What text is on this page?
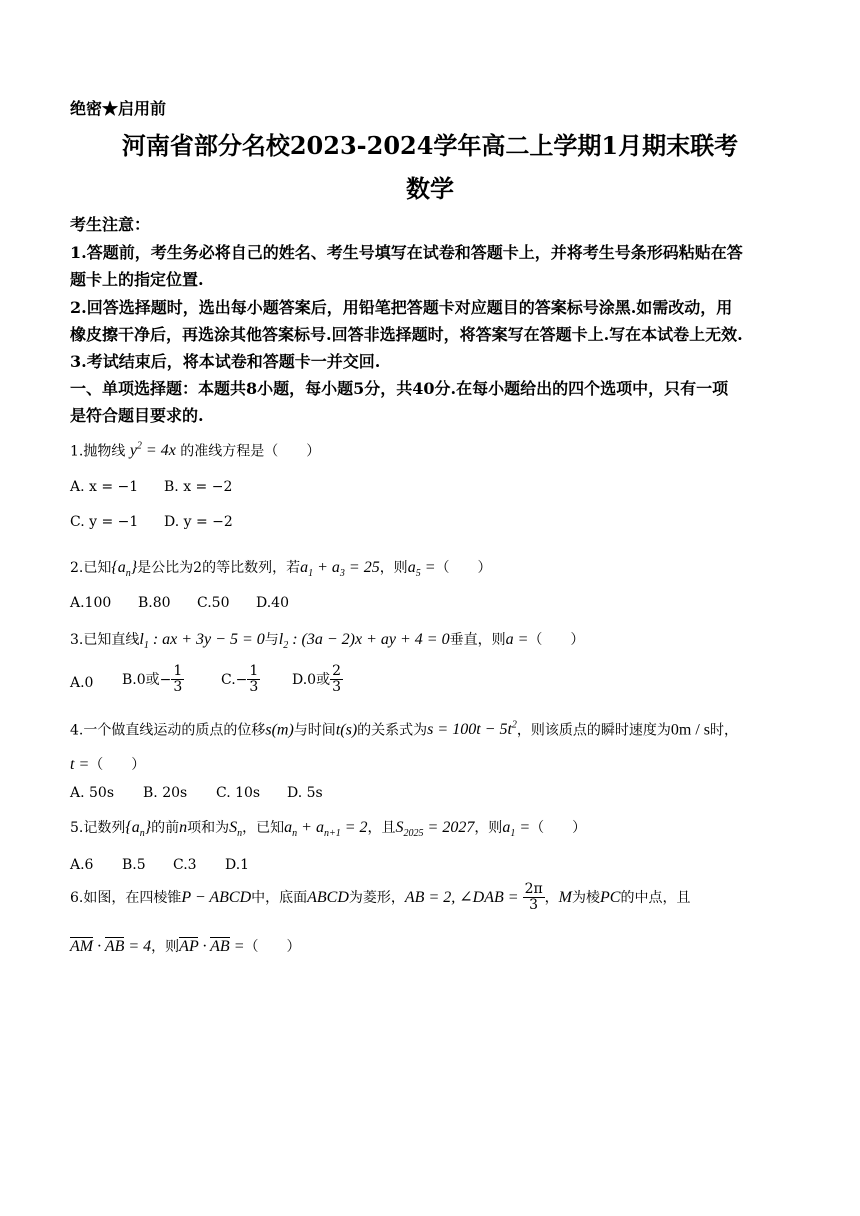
绝密★启用前
河南省部分名校2023-2024学年高二上学期1月期末联考
数学
考生注意：
1.答题前，考生务必将自己的姓名、考生号填写在试卷和答题卡上，并将考生号条形码粘贴在答
题卡上的指定位置.
2.回答选择题时，选出每小题答案后，用铅笔把答题卡对应题目的答案标号涂黑.如需改动，用
橡皮擦干净后，再选涂其他答案标号.回答非选择题时，将答案写在答题卡上.写在本试卷上无效.
3.考试结束后，将本试卷和答题卡一并交回.
一、单项选择题：本题共8小题，每小题5分，共40分.在每小题给出的四个选项中，只有一项
是符合题目要求的.
1.抛物线 $y^2 = 4x$ 的准线方程是（　　）
A. x = −1 B. x = −2
C. y = −1 D. y = −2
2.已知$\{a_n\}$是公比为2的等比数列，若$a_1 + a_3 = 25$，则$a_5$ =（　　）
A.100 B.80 C.50 D.40
3.已知直线$l_1$ : ax + 3y − 5 = 0与$l_2$ : (3a − 2)x + ay + 4 = 0垂直，则a =（　　）
A.0 B.0或− $\frac{1}{3}$	$C.- \frac{1}{3} D.0$或 $\frac{2}{3}$
4.一个做直线运动的质点的位移s(m)与时间t(s)的关系式为$s = 100t - 5t^2$，则该质点的瞬时速度为0m / s时，
t =（　　）
A. 50s B. 20s C. 10s D. 5s
5.记数列$\{a_n\}$的前n项和为$S_n$，已知$a_n + a_{n+1} = 2$，且$S_{2025} = 2027$，则$a_1$ =（　　）
A.6 B.5 C.3 D.1
6.如图，在四棱锥P − ABCD中，底面ABCD为菱形，AB = 2, ∠DAB = $\frac{2\pi}{3}$ ，M为棱PC的中点，且
AM · AB = 4，则AP · AB =（　　）
